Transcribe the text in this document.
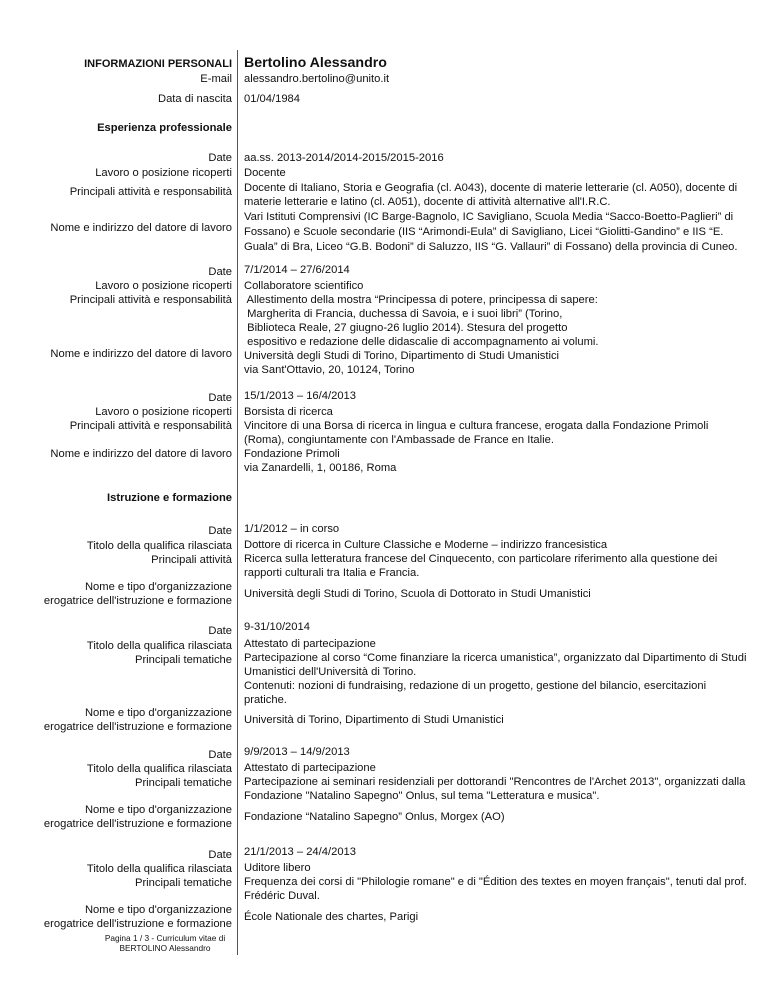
INFORMAZIONI PERSONALI Bertolino Alessandro
E-mail alessandro.bertolino@unito.it
Data di nascita 01/04/1984
Esperienza professionale
Date
Lavoro o posizione ricoperti
Principali attività e responsabilità
Nome e indirizzo del datore di lavoro
aa.ss. 2013-2014/2014-2015/2015-2016
Docente
Docente di Italiano, Storia e Geografia (cl. A043), docente di materie letterarie (cl. A050), docente di
materie letterarie e latino (cl. A051), docente di attività alternative all'I.R.C.
Vari Istituti Comprensivi (IC Barge-Bagnolo, IC Savigliano, Scuola Media “Sacco-Boetto-Paglieri” di
Fossano) e Scuole secondarie (IIS “Arimondi-Eula” di Savigliano, Licei “Giolitti-Gandino” e IIS “E.
Guala” di Bra, Liceo “G.B. Bodoni” di Saluzzo, IIS “G. Vallauri” di Fossano) della provincia di Cuneo.
Date
Lavoro o posizione ricoperti
Principali attività e responsabilità
Nome e indirizzo del datore di lavoro
7/1/2014 – 27/6/2014
Collaboratore scientifico
Allestimento della mostra “Principessa di potere, principessa di sapere:
Margherita di Francia, duchessa di Savoia, e i suoi libri” (Torino,
Biblioteca Reale, 27 giugno-26 luglio 2014). Stesura del progetto
espositivo e redazione delle didascalie di accompagnamento ai volumi.
Università degli Studi di Torino, Dipartimento di Studi Umanistici
via Sant'Ottavio, 20, 10124, Torino
Date
Lavoro o posizione ricoperti
Principali attività e responsabilità
Nome e indirizzo del datore di lavoro
15/1/2013 – 16/4/2013
Borsista di ricerca
Vincitore di una Borsa di ricerca in lingua e cultura francese, erogata dalla Fondazione Primoli
(Roma), congiuntamente con l'Ambassade de France en Italie.
Fondazione Primoli
via Zanardelli, 1, 00186, Roma
Istruzione e formazione
Date
Titolo della qualifica rilasciata
Principali attività
Nome e tipo d'organizzazione
erogatrice dell'istruzione e formazione
1/1/2012 – in corso
Dottore di ricerca in Culture Classiche e Moderne – indirizzo francesistica
Ricerca sulla letteratura francese del Cinquecento, con particolare riferimento alla questione dei
rapporti culturali tra Italia e Francia.
Università degli Studi di Torino, Scuola di Dottorato in Studi Umanistici
Date
Titolo della qualifica rilasciata
Principali tematiche
Nome e tipo d'organizzazione
erogatrice dell'istruzione e formazione
9-31/10/2014
Attestato di partecipazione
Partecipazione al corso “Come finanziare la ricerca umanistica”, organizzato dal Dipartimento di Studi
Umanistici dell'Università di Torino.
Contenuti: nozioni di fundraising, redazione di un progetto, gestione del bilancio, esercitazioni
pratiche.
Università di Torino, Dipartimento di Studi Umanistici
Date
Titolo della qualifica rilasciata
Principali tematiche
Nome e tipo d'organizzazione
erogatrice dell'istruzione e formazione
9/9/2013 – 14/9/2013
Attestato di partecipazione
Partecipazione ai seminari residenziali per dottorandi "Rencontres de l'Archet 2013", organizzati dalla
Fondazione "Natalino Sapegno" Onlus, sul tema "Letteratura e musica".
Fondazione “Natalino Sapegno” Onlus, Morgex (AO)
Date
Titolo della qualifica rilasciata
Principali tematiche
Nome e tipo d'organizzazione
erogatrice dell'istruzione e formazione
21/1/2013 – 24/4/2013
Uditore libero
Frequenza dei corsi di "Philologie romane" e di "Édition des textes en moyen français", tenuti dal prof.
Frédéric Duval.
École Nationale des chartes, Parigi
Pagina 1 / 3 - Curriculum vitae di
BERTOLINO Alessandro
